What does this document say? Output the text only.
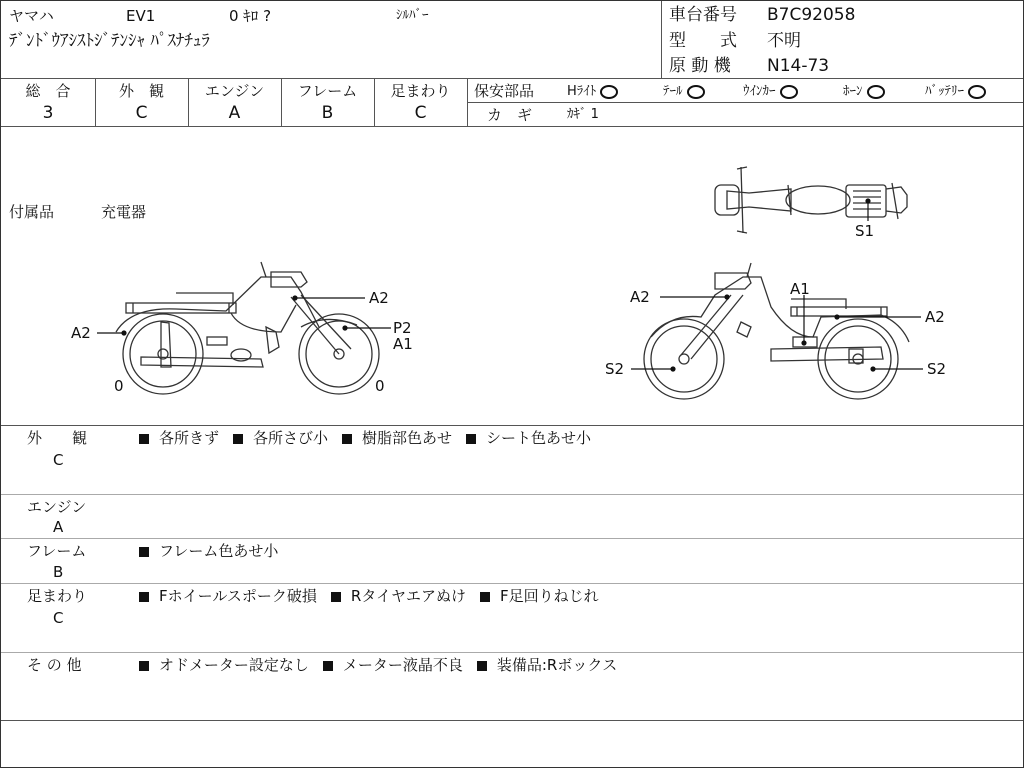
ヤマハ	EV1	0 ｷﾛ ?	ｼﾙﾊﾞｰ
ﾃﾞﾝﾄﾞｳｱｼｽﾄｼﾞﾃﾝｼｬ ﾊﾟｽﾅﾁｭﾗ
車台番号 B7C92058
型　　式 不明
原 動 機 N14-73
総　合
3
外　観
C
エンジン
A
フレーム
B
足まわり
C
保安部品	Hﾗｲﾄ	ﾃｰﾙ	ｳｲﾝｶｰ	ﾎｰﾝ	ﾊﾞｯﾃﾘｰ
カ　ギ	ｶｷﾞ 1
付属品	充電器
A2
A2	P2
A1
0	0
A2	A1
A2
S2	S2
S1
外　　観
C
各所きず 各所さび小 樹脂部色あせ シート色あせ小
エンジン
A
フレーム
B
フレーム色あせ小
足まわり
C
Fホイールスポーク破損 Rタイヤエアぬけ F足回りねじれ
そ の 他	オドメーター設定なし メーター液晶不良 装備品:Rボックス
